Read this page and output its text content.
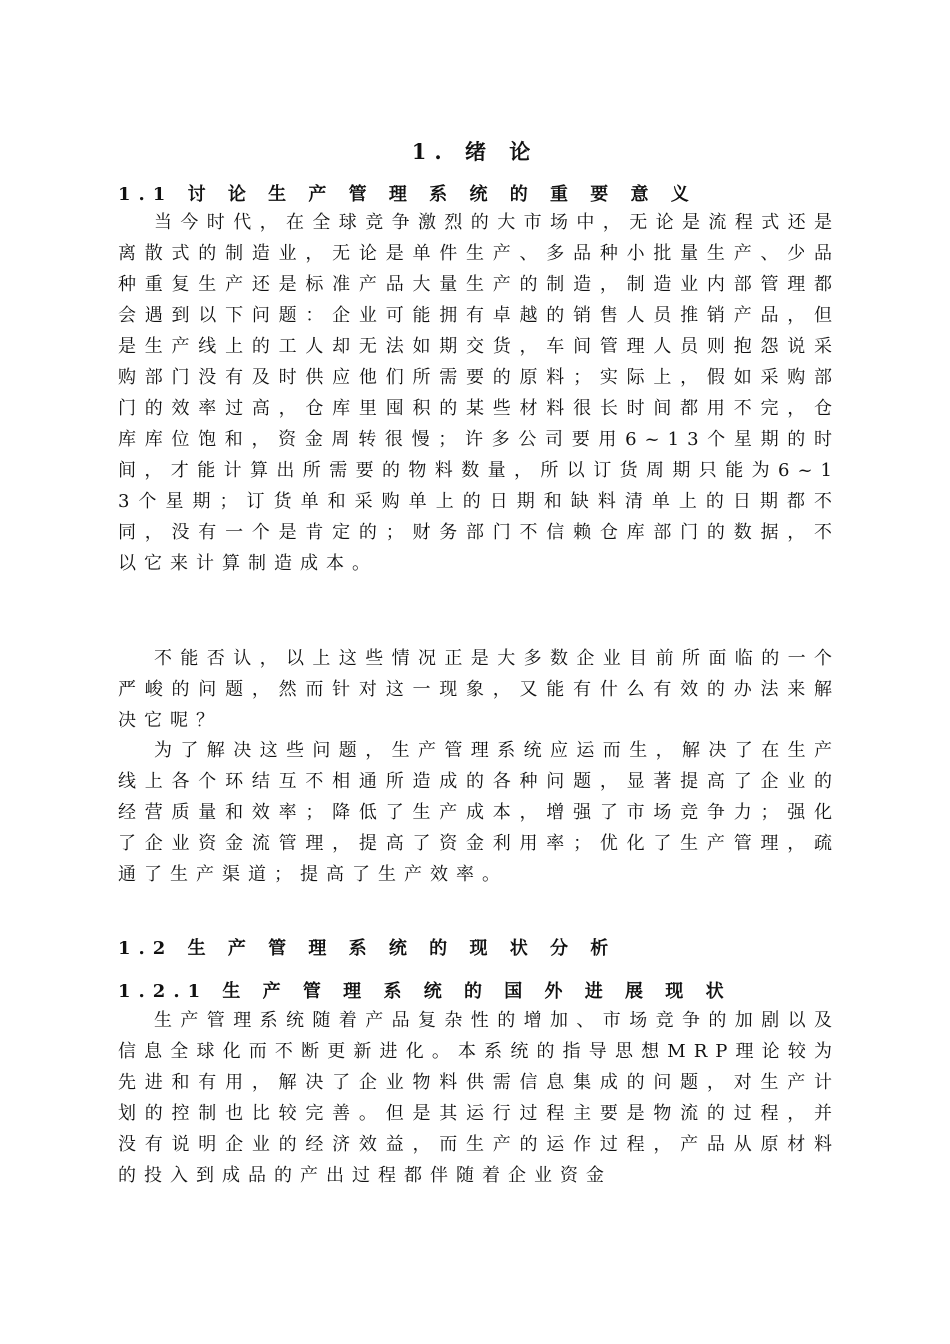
1. 绪 论
1.1 讨 论 生 产 管 理 系 统 的 重 要 意 义
当今时代，在全球竞争激烈的大市场中，无论是流程式还是离散式的制造业，无论是单件生产、多品种小批量生产、少品种重复生产还是标准产品大量生产的制造，制造业内部管理都会遇到以下问题：企业可能拥有卓越的销售人员推销产品，但是生产线上的工人却无法如期交货，车间管理人员则抱怨说采购部门没有及时供应他们所需要的原料；实际上，假如采购部门的效率过高，仓库里囤积的某些材料很长时间都用不完，仓库库位饱和，资金周转很慢；许多公司要用6~13个星期的时间，才能计算出所需要的物料数量，所以订货周期只能为6~13个星期；订货单和采购单上的日期和缺料清单上的日期都不同，没有一个是肯定的；财务部门不信赖仓库部门的数据，不以它来计算制造成本。
不能否认，以上这些情况正是大多数企业目前所面临的一个严峻的问题，然而针对这一现象，又能有什么有效的办法来解决它呢？
为了解决这些问题，生产管理系统应运而生，解决了在生产线上各个环结互不相通所造成的各种问题，显著提高了企业的经营质量和效率；降低了生产成本，增强了市场竞争力；强化了企业资金流管理，提高了资金利用率；优化了生产管理，疏通了生产渠道；提高了生产效率。
1.2 生 产 管 理 系 统 的 现 状 分 析
1.2.1 生 产 管 理 系 统 的 国 外 进 展 现 状
生产管理系统随着产品复杂性的增加、市场竞争的加剧以及信息全球化而不断更新进化。本系统的指导思想MRP理论较为先进和有用，解决了企业物料供需信息集成的问题，对生产计划的控制也比较完善。但是其运行过程主要是物流的过程，并没有说明企业的经济效益，而生产的运作过程，产品从原材料的投入到成品的产出过程都伴随着企业资金
